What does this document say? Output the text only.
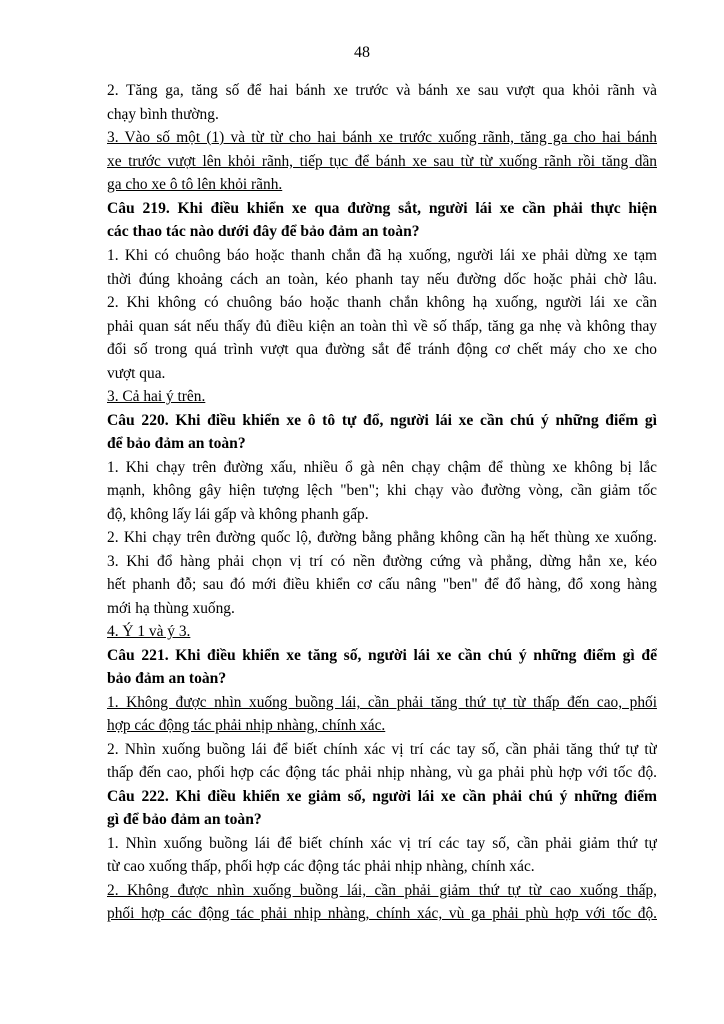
48
2. Tăng ga, tăng số để hai bánh xe trước và bánh xe sau vượt qua khỏi rãnh và
chạy bình thường.
3. Vào số một (1) và từ từ cho hai bánh xe trước xuống rãnh, tăng ga cho hai bánh
xe trước vượt lên khỏi rãnh, tiếp tục để bánh xe sau từ từ xuống rãnh rồi tăng dần
ga cho xe ô tô lên khỏi rãnh.
Câu 219. Khi điều khiển xe qua đường sắt, người lái xe cần phải thực hiện
các thao tác nào dưới đây để bảo đảm an toàn?
1. Khi có chuông báo hoặc thanh chắn đã hạ xuống, người lái xe phải dừng xe tạm
thời đúng khoảng cách an toàn, kéo phanh tay nếu đường dốc hoặc phải chờ lâu.
2. Khi không có chuông báo hoặc thanh chắn không hạ xuống, người lái xe cần
phải quan sát nếu thấy đủ điều kiện an toàn thì về số thấp, tăng ga nhẹ và không thay
đổi số trong quá trình vượt qua đường sắt để tránh động cơ chết máy cho xe cho
vượt qua.
3. Cả hai ý trên.
Câu 220. Khi điều khiển xe ô tô tự đổ, người lái xe cần chú ý những điểm gì
để bảo đảm an toàn?
1. Khi chạy trên đường xấu, nhiều ổ gà nên chạy chậm để thùng xe không bị lắc
mạnh, không gây hiện tượng lệch "ben"; khi chạy vào đường vòng, cần giảm tốc
độ, không lấy lái gấp và không phanh gấp.
2. Khi chạy trên đường quốc lộ, đường bằng phẳng không cần hạ hết thùng xe xuống.
3. Khi đổ hàng phải chọn vị trí có nền đường cứng và phẳng, dừng hẳn xe, kéo
hết phanh đỗ; sau đó mới điều khiển cơ cấu nâng "ben" để đổ hàng, đổ xong hàng
mới hạ thùng xuống.
4. Ý 1 và ý 3.
Câu 221. Khi điều khiển xe tăng số, người lái xe cần chú ý những điểm gì để
bảo đảm an toàn?
1. Không được nhìn xuống buồng lái, cần phải tăng thứ tự từ thấp đến cao, phối
hợp các động tác phải nhịp nhàng, chính xác.
2. Nhìn xuống buồng lái để biết chính xác vị trí các tay số, cần phải tăng thứ tự từ
thấp đến cao, phối hợp các động tác phải nhịp nhàng, vù ga phải phù hợp với tốc độ.
Câu 222. Khi điều khiển xe giảm số, người lái xe cần phải chú ý những điểm
gì để bảo đảm an toàn?
1. Nhìn xuống buồng lái để biết chính xác vị trí các tay số, cần phải giảm thứ tự
từ cao xuống thấp, phối hợp các động tác phải nhịp nhàng, chính xác.
2. Không được nhìn xuống buồng lái, cần phải giảm thứ tự từ cao xuống thấp,
phối hợp các động tác phải nhịp nhàng, chính xác, vù ga phải phù hợp với tốc độ.
